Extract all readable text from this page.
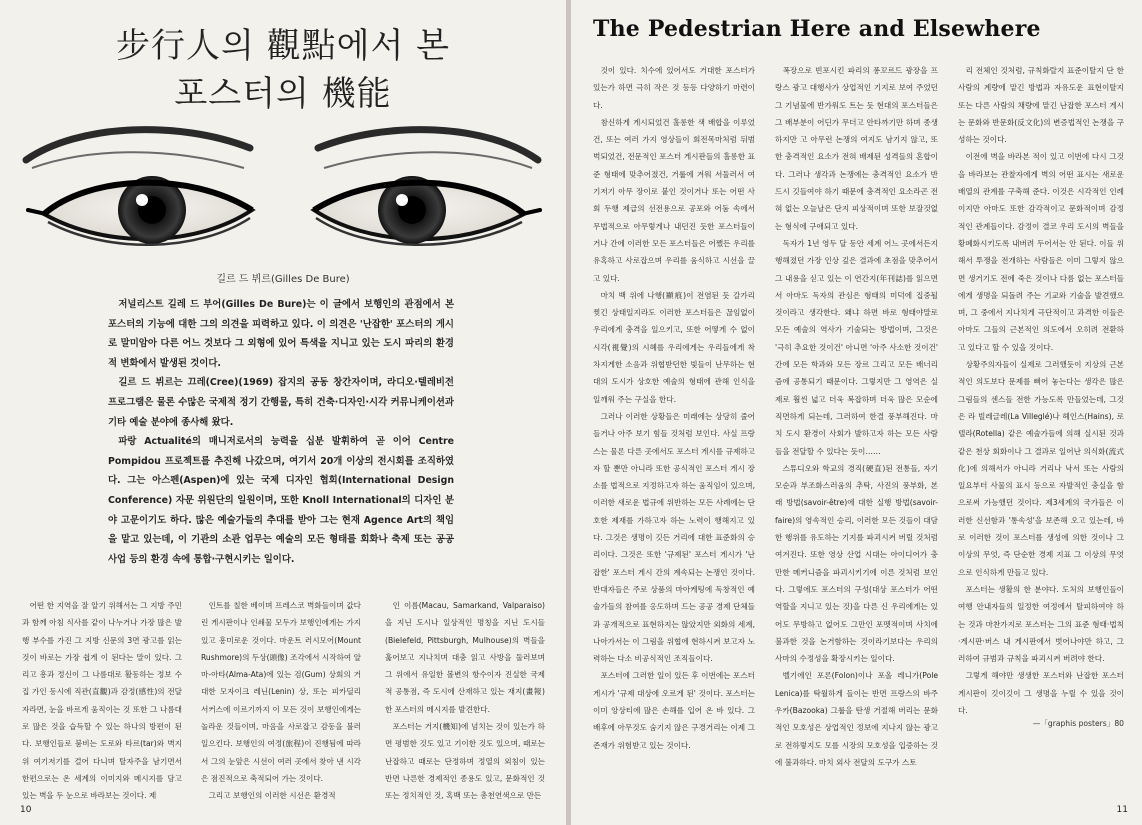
步行人의 觀點에서 본
포스터의 機能
길르 드 뷔르(Gilles De Bure)

저널리스트 길레 드 부어(Gilles De Bure)는 이 글에서 보행인의 관점에서 본 포스터의 기능에 대한 그의 의견을 피력하고 있다. 이 의견은 '난잡한' 포스터의 게시로 말미암아 다른 어느 것보다 그 외형에 있어 특색을 지니고 있는 도시 파리의 환경적 변화에서 발생된 것이다.

길르 드 뷔르는 끄레(Cree)(1969) 잡지의 공동 창간자이며, 라디오·텔레비전 프로그램은 물론 수많은 국제적 정기 간행물, 특히 건축·디자인·시각 커뮤니케이션과 기타 예술 분야에 종사해 왔다.

파랑 Actualité의 매니저로서의 능력을 십분 발휘하여 곧 이어 Centre Pompidou 프로젝트를 추진해 나갔으며, 여기서 20개 이상의 전시회를 조직하였다. 그는 아스펜(Aspen)에 있는 국제 디자인 협회(International Design Conference) 자문 위원단의 일원이며, 또한 Knoll International의 디자인 분야 고문이기도 하다. 많은 예술가들의 추대를 받아 그는 현재 Agence Art의 책임을 맡고 있는데, 이 기관의 소관 업무는 예술의 모든 형태를 회화나 축제 또는 공공 사업 등의 환경 속에 통합·구현시키는 일이다.

어떤 한 지역을 잘 알기 위해서는 그 지방 주민과 함께 아침 식사를 같이 나누거나 가장 많은 발행 부수를 가진 그 지방 신문의 3면 광고를 읽는 것이 바로는 가장 쉽게 이 된다는 말이 있다. 그리고 흥과 정신이 그 나름대로 활동하는 정보 수집 가인 동시에 직관(直觀)과 감정(感性)의 전달자라면, 눈을 바르게 움직이는 것 또한 그 나름대로 많은 것을 습득할 수 있는 하나의 방편이 된다. 보행인들로 붐비는 도로와 타르(tar)와 벽지 위 여기저기를 걸어 다니며 탈자주을 남기면서 한편으로는 온 세계의 이미지와 메시지를 담고 있는 벽을 두 눈으로 바라보는 것이다. 제

인트를 칠한 베이며 프레스코 벽화들이며 값다린 게시판이나 인쇄물 모두가 보행인에게는 가지 있고 흥미로운 것이다. 마운트 러시모어(Mount Rushmore)의 두상(頭像) 조각에서 시작하여 알마-아타(Alma-Ata)에 있는 검(Gum) 상회의 거대한 모자이크 레닌(Lenin) 상, 또는 피카딜리 서커스에 이르기까지 이 모든 것이 보행인에게는 놀라운 것들이며, 마음을 사로잡고 감동을 불러일으킨다. 보행인의 여정(旅程)이 진행됨에 따라서 그의 눈앞은 시선이 여러 곳에서 찾아 낸 시각은 점진적으로 축적되어 가는 것이다.

그리고 보행인의 이러한 시선은 환경적

인 이름(Macau, Samarkand, Valparaiso)을 지닌 도시나 일상적인 명칭을 지닌 도시들(Bielefeld, Pittsburgh, Mulhouse)의 벽들을 훑어보고 지나치며 대충 읽고 사방을 둘러보며 그 위에서 유일한 볼변의 항수이자 진실한 국제적 공통점, 즉 도시에 산재하고 있는 재지(畫報)한 포스터의 메시지를 발견한다.

포스터는 거지(機知)에 넘치는 것이 있는가 하면 평범한 것도 있고 기이한 것도 있으며, 때로는 난잡하고 때로는 단정하며 정열의 외침이 있는 반면 나른한 경제적인 종용도 있고, 문화적인 것 또는 정치적인 것, 혹백 또는 총천연색으로 만든

10
The Pedestrian Here and Elsewhere

것이 있다. 치수에 있어서도 거대한 포스터가 있는가 하면 극히 작은 것 등등 다양하기 마련이다.

참신하게 게시되었건 홀롱한 색 배합을 이루었건, 또는 여러 가지 영상들이 회전목마처럼 뒤범벅되었건, 전문적인 포스터 게시판들의 홀롱한 표준 형태에 맞추어졌건, 거룹에 겨워 서둘러서 여기저기 아무 장이로 붙인 것이거나 또는 어떤 사회 두행 제급의 선전용으로 공포와 어둠 속에서 무법적으로 아무렇게나 내던진 듯한 포스터들이거나 간에 이러한 모든 포스터들은 어쨌든 우리를 유혹하고 사로잡으며 우리를 움식하고 시선을 끌고 있다.

마치 백 위에 나행(顯痕)이 전염된 듯 갈가리 찢긴 상태일지라도 이러한 포스터들은 끊임없이 우리에게 충격을 일으키고, 또한 어떻게 수 없이 시각(視覺)의 시혜를 우리에게는 우리들에게 착차지게한 소음과 위협받던한 빛들이 난무하는 현대의 도시가 상호한 예술의 형태에 관해 인식을 일깨워 주는 구실을 한다.

그러나 이러한 상황들은 미래에는 상당히 줄어들거나 아주 보기 힘들 것처럼 보인다. 사실 프랑스는 물론 다른 곳에서도 포스터 게시를 규제하고자 할 뿐만 아니라 또한 공식적인 포스터 게시 장소를 법적으로 지정하고자 하는 움직임이 있으며, 이러한 새로운 법규에 위반하는 모든 사례에는 단호한 제재를 가하고자 하는 노력이 행해지고 있다. 그것은 생명이 깃든 거리에 대한 표준화의 승리이다. 그것은 또한 '규제된' 포스터 게시가 '난잡한' 포스터 게시 간의 계속되는 논쟁인 것이다. 반대자들은 주로 상품의 마아케팅에 독창적인 예술가들의 참여를 옹도하며 드는 공공 경제 단체들과 공개적으로 표현하지는 않았지만 외화의 세계, 나아가서는 이 그림을 위협에 현하시켜 보고자 노력하는 다소 비공식적인 조직들이다.

포스터에 그러한 일이 있든 후 이번에는 포스터 게시가 '규제 대상에 오르게 된' 것이다. 포스터는 이미 앙상티에 많은 손해를 입어 온 바 있다. 그 배후에 아무것도 숨기지 않은 구경거리는 이제 그 존재가 위험받고 있는 것이다.

폭장으로 빈포시킨 파리의 퐁꼬르드 광장을 프랑스 광고 대행사가 상업적인 기지로 보여 주었던 그 기념물에 반가워도 트는 듯 현대의 포스터들은 그 배부분이 어딘가 무더고 안타까기만 하며 종생하지만 고 아무런 논쟁의 여지도 남기지 않고, 또한 충격적인 요소가 전혀 배제된 성격들의 혼합이다. 그러나 생각과 논쟁에는 충격적인 요소가 반드시 깃들여야 하기 때문에 충격적인 요소라곤 전혀 없는 오늘날은 단지 피상적이며 또한 보잘것없는 형식에 구애되고 있다.

독자가 1년 영두 달 동안 세계 어느 곳에서든지 행해졌던 가장 인상 깊은 결과에 초점을 맞추어서 그 내용을 싣고 있는 이 연간지(年刊誌)를 읽으면서 아마도 독자의 관심은 형태의 미덕에 집중될 것이라고 생각한다. 왜냐 하면 바로 형태야말로 모든 예술의 역사가 기술되는 방법이며, 그것은 '극히 추요한 것이건' 아니면 '아주 사소한 것이건' 간에 모든 학과와 모든 장르 그리고 모든 배너리즘에 공통되기 때문이다. 그렇지만 그 영역은 실제로 훨씬 넓고 더욱 복잡하며 더욱 많은 모순에 직면하게 되는데, 그러하여 한결 풍부해진다. 마치 도시 환경이 사회가 발하고자 하는 모든 사람들을 전달할 수 있다는 듯이……

스튜디오와 학교의 경직(硬直)된 전통들, 자기 모순과 부조화스러움의 추탁, 사진의 풍부화, 본래 방법(savoir-être)에 대한 실행 방법(savoir-faire)의 영속적인 승리, 이러한 모든 것들이 대담한 행위를 유도하는 기지를 파괴시켜 버릴 것처럼 여겨진다. 또한 영상 산업 시대는 아이디어가 충만한 메커니즘을 파괴시키기에 이른 것처럼 보인다. 그렇에도 포스터의 구성(대상 포스터가 어떤 역할을 지니고 있는 것)을 다른 신 우리에게는 있어도 무방하고 없어도 그만인 포멧적이며 사치에 불과한 것을 논거함하는 것이라기보다는 우리의 사마의 수정성을 확장시키는 일이다.

벨기에인 포론(Folon)이나 포올 레니가(Pole Lenica)를 탁월하게 들이는 반면 프랑스의 바주우카(Bazooka) 그룹을 탄생 거절해 버리는 문화적인 모호성은 상업적인 정보에 지나지 않는 광고로 전하렇지도 모를 시장의 모호성을 입증하는 것에 불과하다. 마치 외사 전달의 도구가 스토

리 전체인 것처럼, 규칙화랄지 표준이탈지 단 한 사람의 계량에 맡긴 방법과 자유도운 표현이탈지 또는 다른 사람의 채량에 맡긴 난잡한 포스터 게시는 문화와 반문화(反文化)의 변증법적인 논쟁을 구성하는 것이다.

이전에 벽을 바라본 적이 있고 이번에 다시 그것을 바라보는 관찰자에게 벽의 어떤 표시는 새로운 배열의 관계를 구축해 준다. 이것은 시각적인 인례이지만 아마도 또한 감각적이고 문화적이며 감정적인 관계들이다. 감정이 결코 우리 도시의 벽들을 황폐화시키도록 내버려 두어서는 안 된다. 이들 위해서 투쟁을 전개하는 사람들은 이미 그렇지 않으면 생거기도 전에 죽은 것이나 다름 없는 포스터들에게 생명을 되돌려 주는 기교와 기술을 발견했으며, 그 중에서 지나치게 극단적이고 과격한 이들은 아마도 그들의 근본적인 의도에서 오히려 전환하고 있다고 할 수 있을 것이다.

상황주의자들이 실제로 그러했듯이 지상의 근본적인 의도보다 문제를 삐어 놓는다는 생각은 많은 그림들의 센스들 전한 가능도록 만들었는데, 그것은 라 빌레글레(La Villeglé)나 헤인스(Hains), 로텔라(Rotella) 같은 예술가들에 의해 실시된 것과 같은 천상 회화이나 그 결과로 일어난 의식화(流式化)에 의해서가 아니라 거리나 낙서 또는 사람의 일요부터 사물의 표시 등으로 자발적인 충실을 함으로써 가능했던 것이다. 제3세계의 국가들은 이러한 신선함과 '통속성'을 보존해 오고 있는데, 바로 이러한 것이 포스터를 생성에 의한 것이나 그 이상의 무엇, 즉 단순한 경제 지표 그 이상의 무엇으로 인식하게 만들고 있다.

포스터는 생활의 한 분야다. 도처의 보행인들이 여행 안내자들의 일정한 여정에서 탈피하여야 하는 것과 마찬가지로 포스터는 그의 표준 형태·법칙·게시판·버스 내 게시판에서 벗어나야만 하고, 그러하여 규범과 규칙을 파괴시켜 버려야 한다.

그렇게 해야만 생생한 포스터와 난잡한 포스터 게시판이 깃이깃이 그 생명을 누릴 수 있을 것이다.

—「graphis posters」80
11
